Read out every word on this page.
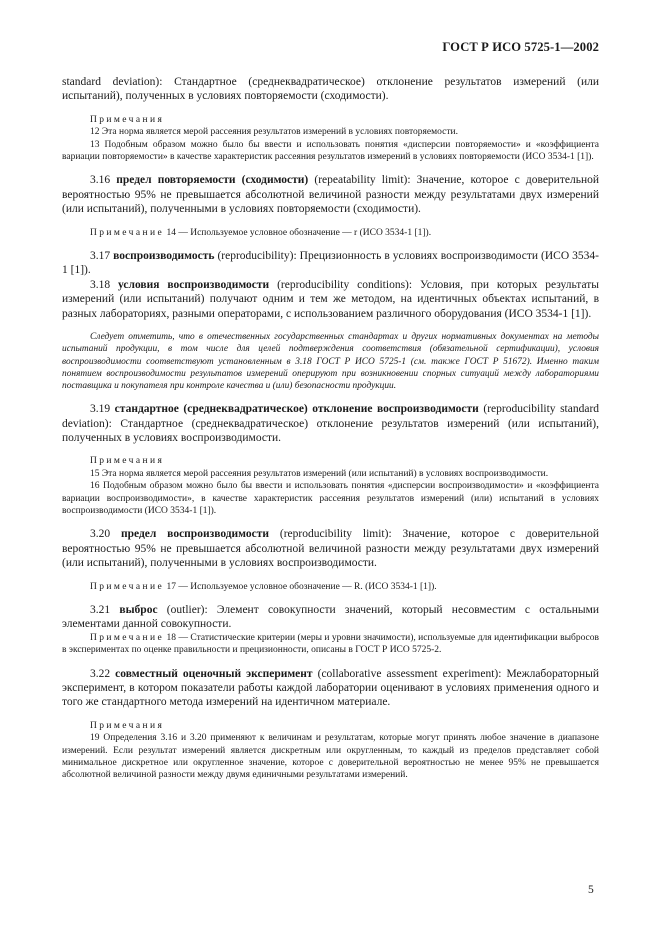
ГОСТ Р ИСО 5725-1—2002

standard deviation): Стандартное (среднеквадратическое) отклонение результатов измерений (или испытаний), полученных в условиях повторяемости (сходимости).

Примечания

12 Эта норма является мерой рассеяния результатов измерений в условиях повторяемости.

13 Подобным образом можно было бы ввести и использовать понятия «дисперсии повторяемости» и «коэффициента вариации повторяемости» в качестве характеристик рассеяния результатов измерений в условиях повторяемости (ИСО 3534-1 [1]).

3.16 предел повторяемости (сходимости) (repeatability limit): Значение, которое с доверительной вероятностью 95% не превышается абсолютной величиной разности между результатами двух измерений (или испытаний), полученными в условиях повторяемости (сходимости).

Примечание 14 — Используемое условное обозначение — r (ИСО 3534-1 [1]).

3.17 воспроизводимость (reproducibility): Прецизионность в условиях воспроизводимости (ИСО 3534-1 [1]).

3.18 условия воспроизводимости (reproducibility conditions): Условия, при которых результаты измерений (или испытаний) получают одним и тем же методом, на идентичных объектах испытаний, в разных лабораториях, разными операторами, с использованием различного оборудования (ИСО 3534-1 [1]).

Следует отметить, что в отечественных государственных стандартах и других нормативных документах на методы испытаний продукции, в том числе для целей подтверждения соответствия (обязательной сертификации), условия воспроизводимости соответствуют установленным в 3.18 ГОСТ Р ИСО 5725-1 (см. также ГОСТ Р 51672). Именно таким понятием воспроизводимости результатов измерений оперируют при возникновении спорных ситуаций между лабораториями поставщика и покупателя при контроле качества и (или) безопасности продукции.

3.19 стандартное (среднеквадратическое) отклонение воспроизводимости (reproducibility standard deviation): Стандартное (среднеквадратическое) отклонение результатов измерений (или испытаний), полученных в условиях воспроизводимости.

Примечания

15 Эта норма является мерой рассеяния результатов измерений (или испытаний) в условиях воспроизводимости.

16 Подобным образом можно было бы ввести и использовать понятия «дисперсии воспроизводимости» и «коэффициента вариации воспроизводимости», в качестве характеристик рассеяния результатов измерений (или) испытаний в условиях воспроизводимости (ИСО 3534-1 [1]).

3.20 предел воспроизводимости (reproducibility limit): Значение, которое с доверительной вероятностью 95% не превышается абсолютной величиной разности между результатами двух измерений (или испытаний), полученными в условиях воспроизводимости.

Примечание 17 — Используемое условное обозначение — R. (ИСО 3534-1 [1]).

3.21 выброс (outlier): Элемент совокупности значений, который несовместим с остальными элементами данной совокупности.

Примечание 18 — Статистические критерии (меры и уровни значимости), используемые для идентификации выбросов в экспериментах по оценке правильности и прецизионности, описаны в ГОСТ Р ИСО 5725-2.

3.22 совместный оценочный эксперимент (collaborative assessment experiment): Межлабораторный эксперимент, в котором показатели работы каждой лаборатории оценивают в условиях применения одного и того же стандартного метода измерений на идентичном материале.

Примечания

19 Определения 3.16 и 3.20 применяют к величинам и результатам, которые могут принять любое значение в диапазоне измерений. Если результат измерений является дискретным или округленным, то каждый из пределов представляет собой минимальное дискретное или округленное значение, которое с доверительной вероятностью не менее 95% не превышается абсолютной величиной разности между двумя единичными результатами измерений.

5
